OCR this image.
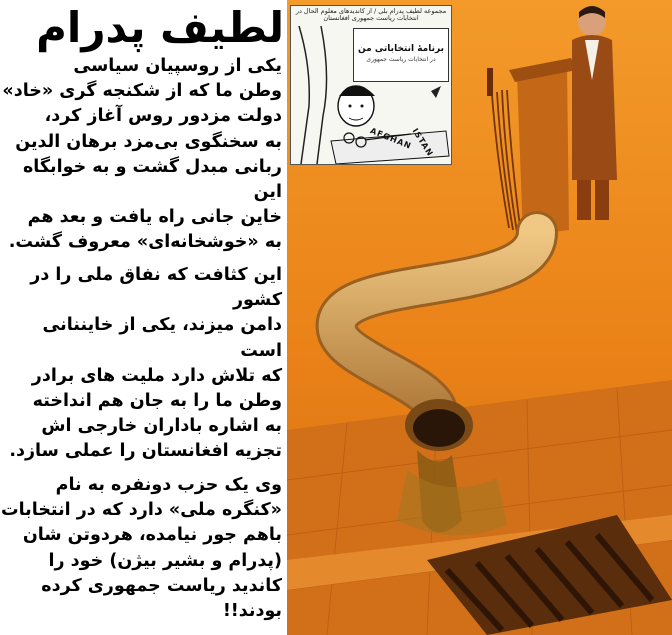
لطیف پدرام

یکی از روسپیان سیاسی
وطن ما که از شکنجه گری «خاد»
دولت مزدور روس آغاز کرد،
به سخنگوی بی‌مزد برهان الدین
ربانی مبدل گشت و به خوابگاه این
خاین جانی راه یافت و بعد هم
به «خوشخانه‌ای» معروف گشت.

این کثافت که نفاق ملی را در کشور
دامن میزند، یکی از خایننانی است
که تلاش دارد ملیت های برادر
وطن ما را به جان هم انداخته
به اشاره باداران خارجی اش
تجزیه افغانستان را عملی سازد.

وی یک حزب دونفره به نام
«کنگره ملی» دارد که در انتخابات
باهم جور نیامده، هردوتن شان
(پدرام و بشیر بیژن) خود را
کاندید ریاست جمهوری کرده
بودند!!

مجموعه لطیف پدرام بلی / از کاندیدهای معلوم الحال در انتخابات ریاست جمهوری افغانستان
برنامهٔ انتخاباتی من
در انتخابات ریاست جمهوری
AFGHAN
ISTAN
